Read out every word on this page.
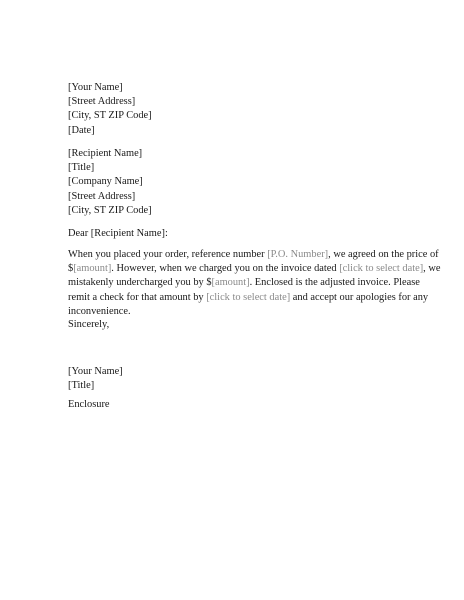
[Your Name]
[Street Address]
[City, ST ZIP Code]
[Date]
[Recipient Name]
[Title]
[Company Name]
[Street Address]
[City, ST ZIP Code]
Dear [Recipient Name]:
When you placed your order, reference number [P.O. Number], we agreed on the price of
$[amount]. However, when we charged you on the invoice dated [click to select date], we
mistakenly undercharged you by $[amount]. Enclosed is the adjusted invoice. Please
remit a check for that amount by [click to select date] and accept our apologies for any
inconvenience.
Sincerely,
[Your Name]
[Title]
Enclosure
